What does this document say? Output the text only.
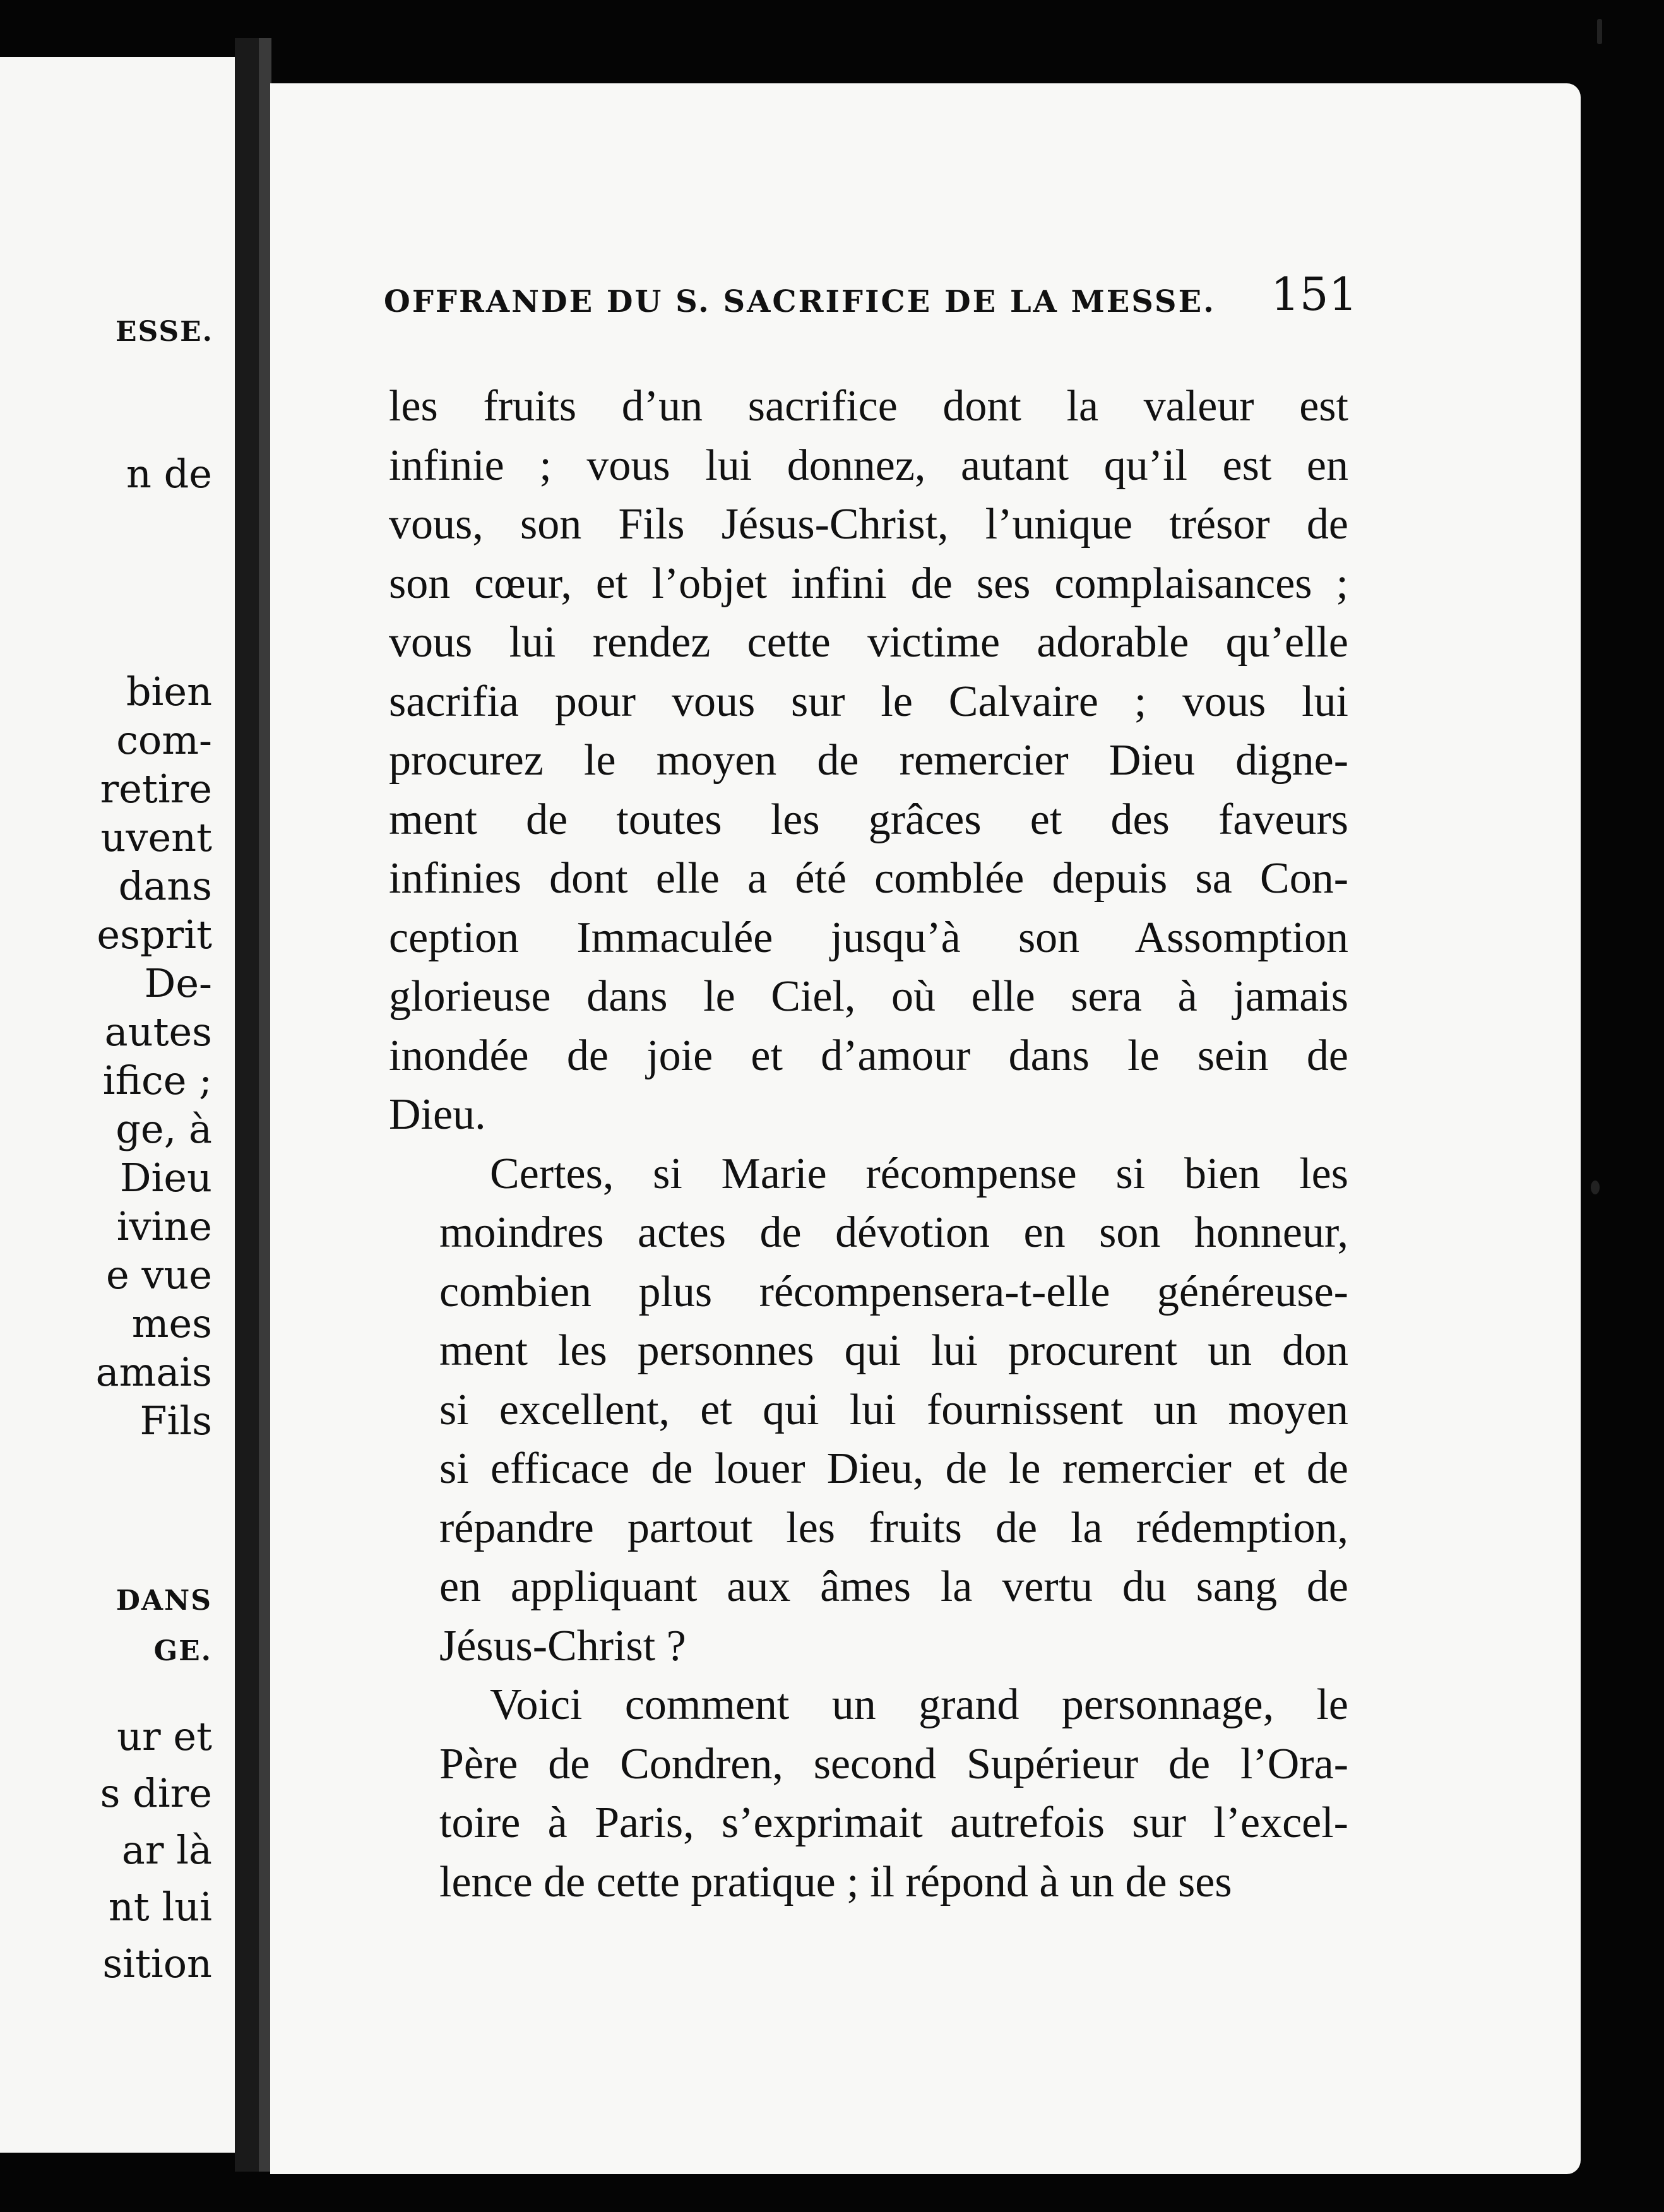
ESSE.
n de
bien
com-
retire
uvent
dans
esprit
De-
autes
ifice ;
ge, à
Dieu
ivine
e vue
mes
amais
Fils
DANS
GE.
ur et
s dire
ar là
nt lui
sition
OFFRANDE DU S. SACRIFICE DE LA MESSE.	151
les fruits d’un sacrifice dont la valeur est
infinie ; vous lui donnez, autant qu’il est en
vous, son Fils Jésus-Christ, l’unique trésor de
son cœur, et l’objet infini de ses complaisances ;
vous lui rendez cette victime adorable qu’elle
sacrifia pour vous sur le Calvaire ; vous lui
procurez le moyen de remercier Dieu digne-
ment de toutes les grâces et des faveurs
infinies dont elle a été comblée depuis sa Con-
ception Immaculée jusqu’à son Assomption
glorieuse dans le Ciel, où elle sera à jamais
inondée de joie et d’amour dans le sein de
Dieu.
Certes, si Marie récompense si bien les
moindres actes de dévotion en son honneur,
combien plus récompensera-t-elle généreuse-
ment les personnes qui lui procurent un don
si excellent, et qui lui fournissent un moyen
si efficace de louer Dieu, de le remercier et de
répandre partout les fruits de la rédemption,
en appliquant aux âmes la vertu du sang de
Jésus-Christ ?
Voici comment un grand personnage, le
Père de Condren, second Supérieur de l’Ora-
toire à Paris, s’exprimait autrefois sur l’excel-
lence de cette pratique ; il répond à un de ses
